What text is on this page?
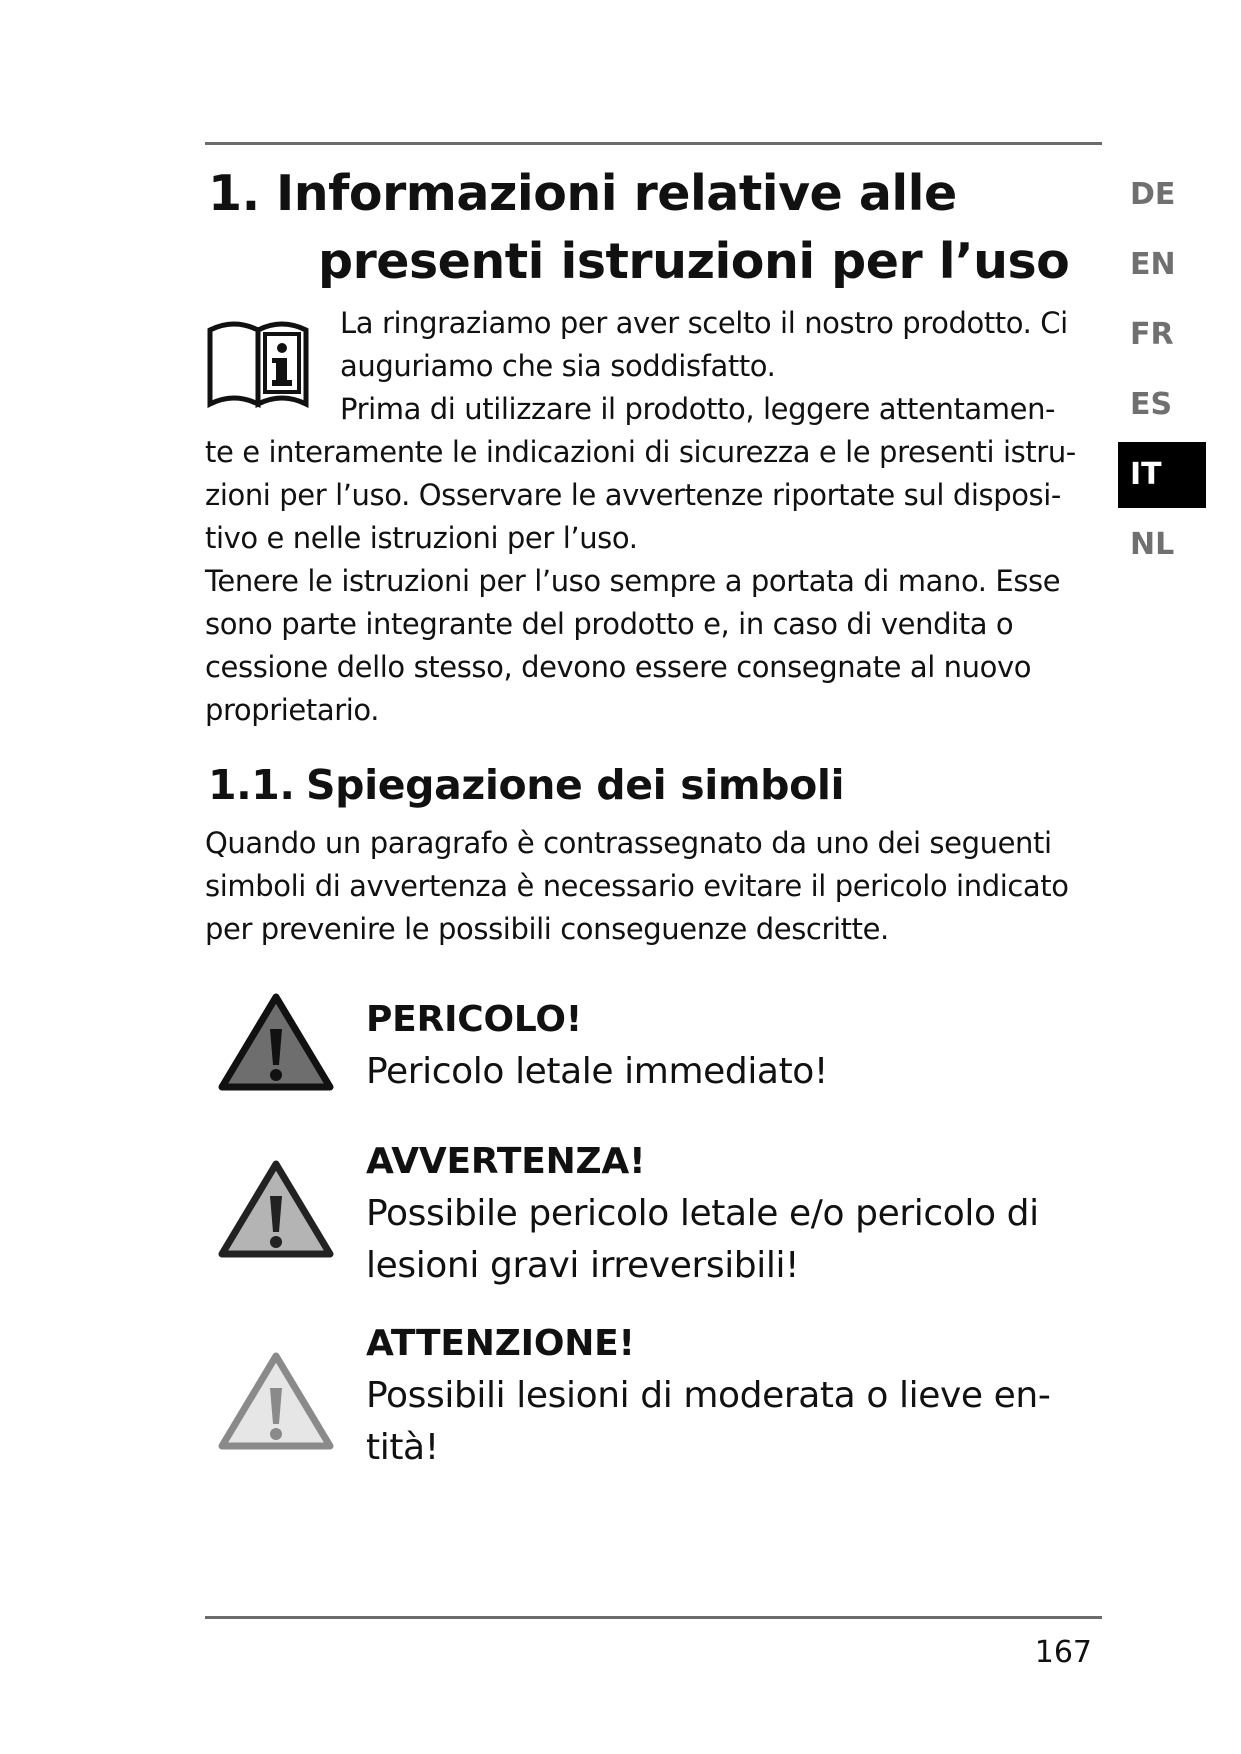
1. Informazioni relative alle
presenti istruzioni per l’uso
La ringraziamo per aver scelto il nostro prodotto. Ci
auguriamo che sia soddisfatto.
Prima di utilizzare il prodotto, leggere attentamen-
te e interamente le indicazioni di sicurezza e le presenti istru-
zioni per l’uso. Osservare le avvertenze riportate sul disposi-
tivo e nelle istruzioni per l’uso.
Tenere le istruzioni per l’uso sempre a portata di mano. Esse
sono parte integrante del prodotto e, in caso di vendita o
cessione dello stesso, devono essere consegnate al nuovo
proprietario.
1.1. Spiegazione dei simboli
Quando un paragrafo è contrassegnato da uno dei seguenti
simboli di avvertenza è necessario evitare il pericolo indicato
per prevenire le possibili conseguenze descritte.
PERICOLO!
Pericolo letale immediato!
AVVERTENZA!
Possibile pericolo letale e/o pericolo di
lesioni gravi irreversibili!
ATTENZIONE!
Possibili lesioni di moderata o lieve en-
tità!
DE
EN
FR
ES
IT
NL
167
